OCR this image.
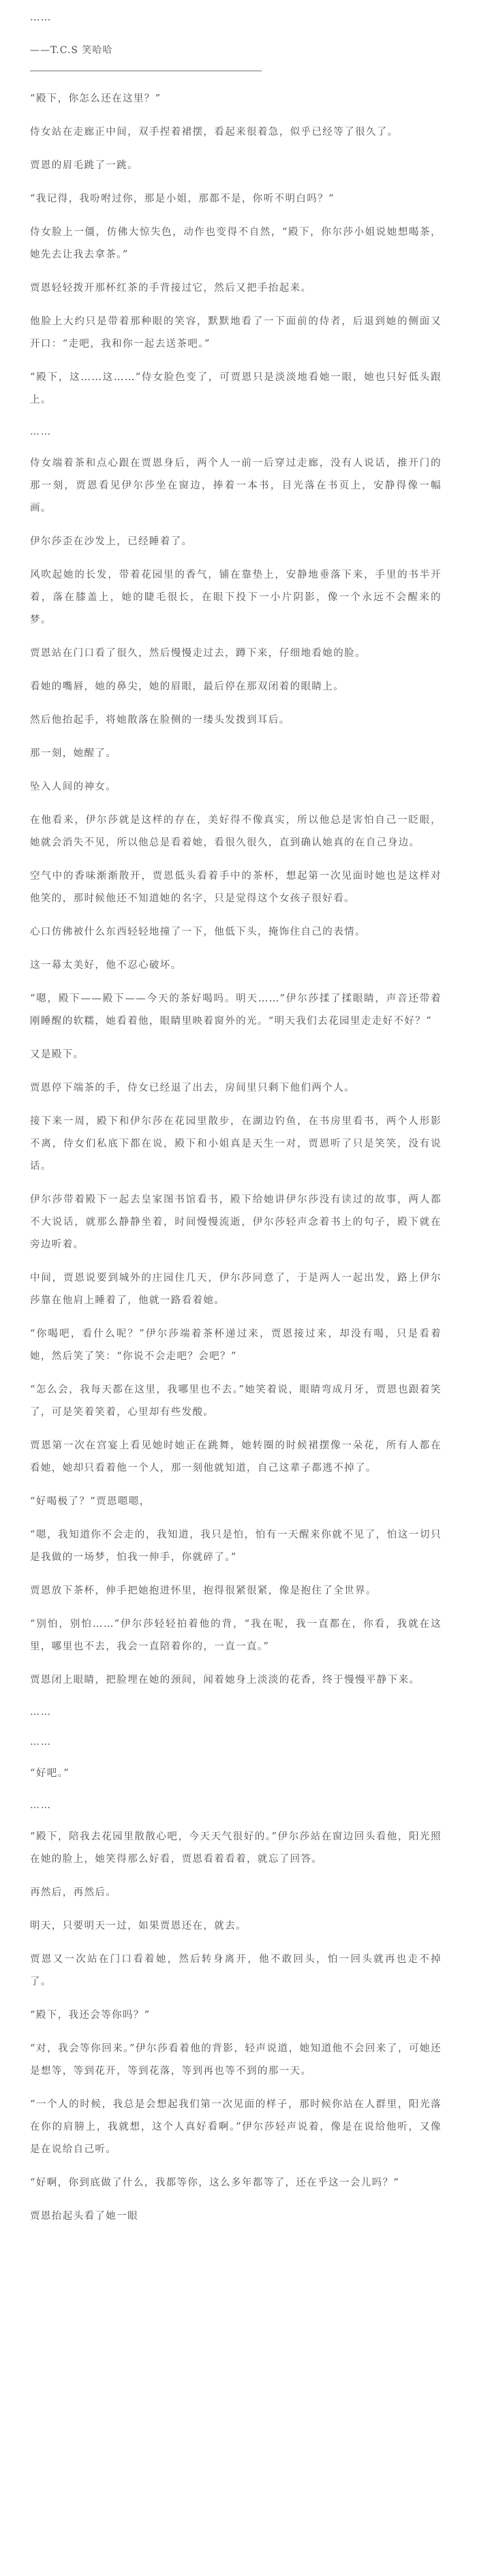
……

——T.C.S 笑哈哈

“殿下，你怎么还在这里？”

侍女站在走廊正中间，双手捏着裙摆，看起来很着急，似乎已经等了很久了。

贾恩的眉毛跳了一跳。

“我记得，我吩咐过你，那是小姐，那都不是，你听不明白吗？”

侍女脸上一僵，仿佛大惊失色，动作也变得不自然，“殿下，你尔莎小姐说她想喝茶，她先去让我去拿茶。”

贾恩轻轻拨开那杯红茶的手背接过它，然后又把手抬起来。

他脸上大约只是带着那种眼的笑容，默默地看了一下面前的侍者，后退到她的侧面又开口：“走吧，我和你一起去送茶吧。”

“殿下，这……这……”侍女脸色变了，可贾恩只是淡淡地看她一眼，她也只好低头跟上。

……

侍女端着茶和点心跟在贾恩身后，两个人一前一后穿过走廊，没有人说话，推开门的那一刻，贾恩看见伊尔莎坐在窗边，捧着一本书，目光落在书页上，安静得像一幅画。

伊尔莎歪在沙发上，已经睡着了。

风吹起她的长发，带着花园里的香气，铺在靠垫上，安静地垂落下来，手里的书半开着，落在膝盖上，她的睫毛很长，在眼下投下一小片阴影，像一个永远不会醒来的梦。

贾恩站在门口看了很久，然后慢慢走过去，蹲下来，仔细地看她的脸。

看她的嘴唇，她的鼻尖，她的眉眼，最后停在那双闭着的眼睛上。

然后他抬起手，将她散落在脸侧的一缕头发拨到耳后。

那一刻，她醒了。

坠入人间的神女。

在他看来，伊尔莎就是这样的存在，美好得不像真实，所以他总是害怕自己一眨眼，她就会消失不见，所以他总是看着她，看很久很久，直到确认她真的在自己身边。

空气中的香味渐渐散开，贾恩低头看着手中的茶杯，想起第一次见面时她也是这样对他笑的，那时候他还不知道她的名字，只是觉得这个女孩子很好看。

心口仿佛被什么东西轻轻地撞了一下，他低下头，掩饰住自己的表情。

这一幕太美好，他不忍心破坏。

“嗯，殿下——殿下——今天的茶好喝吗。明天……”伊尔莎揉了揉眼睛，声音还带着刚睡醒的软糯，她看着他，眼睛里映着窗外的光。“明天我们去花园里走走好不好？”

又是殿下。

贾恩停下端茶的手，侍女已经退了出去，房间里只剩下他们两个人。

接下来一周，殿下和伊尔莎在花园里散步，在湖边钓鱼，在书房里看书，两个人形影不离，侍女们私底下都在说，殿下和小姐真是天生一对，贾恩听了只是笑笑，没有说话。

伊尔莎带着殿下一起去皇家图书馆看书，殿下给她讲伊尔莎没有读过的故事，两人都不大说话，就那么静静坐着，时间慢慢流逝，伊尔莎轻声念着书上的句子，殿下就在旁边听着。

中间，贾恩说要到城外的庄园住几天，伊尔莎同意了，于是两人一起出发，路上伊尔莎靠在他肩上睡着了，他就一路看着她。

“你喝吧，看什么呢？”伊尔莎端着茶杯递过来，贾恩接过来，却没有喝，只是看着她，然后笑了笑：“你说不会走吧？会吧？”

“怎么会，我每天都在这里，我哪里也不去。”她笑着说，眼睛弯成月牙，贾恩也跟着笑了，可是笑着笑着，心里却有些发酸。

贾恩第一次在宫宴上看见她时她正在跳舞，她转圈的时候裙摆像一朵花，所有人都在看她，她却只看着他一个人，那一刻他就知道，自己这辈子都逃不掉了。

“好喝极了？”贾恩嗯嗯，

“嗯，我知道你不会走的，我知道，我只是怕，怕有一天醒来你就不见了，怕这一切只是我做的一场梦，怕我一伸手，你就碎了。”

贾恩放下茶杯，伸手把她抱进怀里，抱得很紧很紧，像是抱住了全世界。

“别怕，别怕……”伊尔莎轻轻拍着他的背，“我在呢，我一直都在，你看，我就在这里，哪里也不去，我会一直陪着你的，一直一直。”

贾恩闭上眼睛，把脸埋在她的颈间，闻着她身上淡淡的花香，终于慢慢平静下来。

……

……

“好吧。”

……

“殿下，陪我去花园里散散心吧，今天天气很好的。”伊尔莎站在窗边回头看他，阳光照在她的脸上，她笑得那么好看，贾恩看着看着，就忘了回答。

再然后，再然后。

明天，只要明天一过，如果贾恩还在，就去。

贾恩又一次站在门口看着她，然后转身离开，他不敢回头，怕一回头就再也走不掉了。

“殿下，我还会等你吗？”

“对，我会等你回来。”伊尔莎看着他的背影，轻声说道，她知道他不会回来了，可她还是想等，等到花开，等到花落，等到再也等不到的那一天。

“一个人的时候，我总是会想起我们第一次见面的样子，那时候你站在人群里，阳光落在你的肩膀上，我就想，这个人真好看啊。”伊尔莎轻声说着，像是在说给他听，又像是在说给自己听。

“好啊，你到底做了什么，我都等你，这么多年都等了，还在乎这一会儿吗？”

贾恩抬起头看了她一眼
